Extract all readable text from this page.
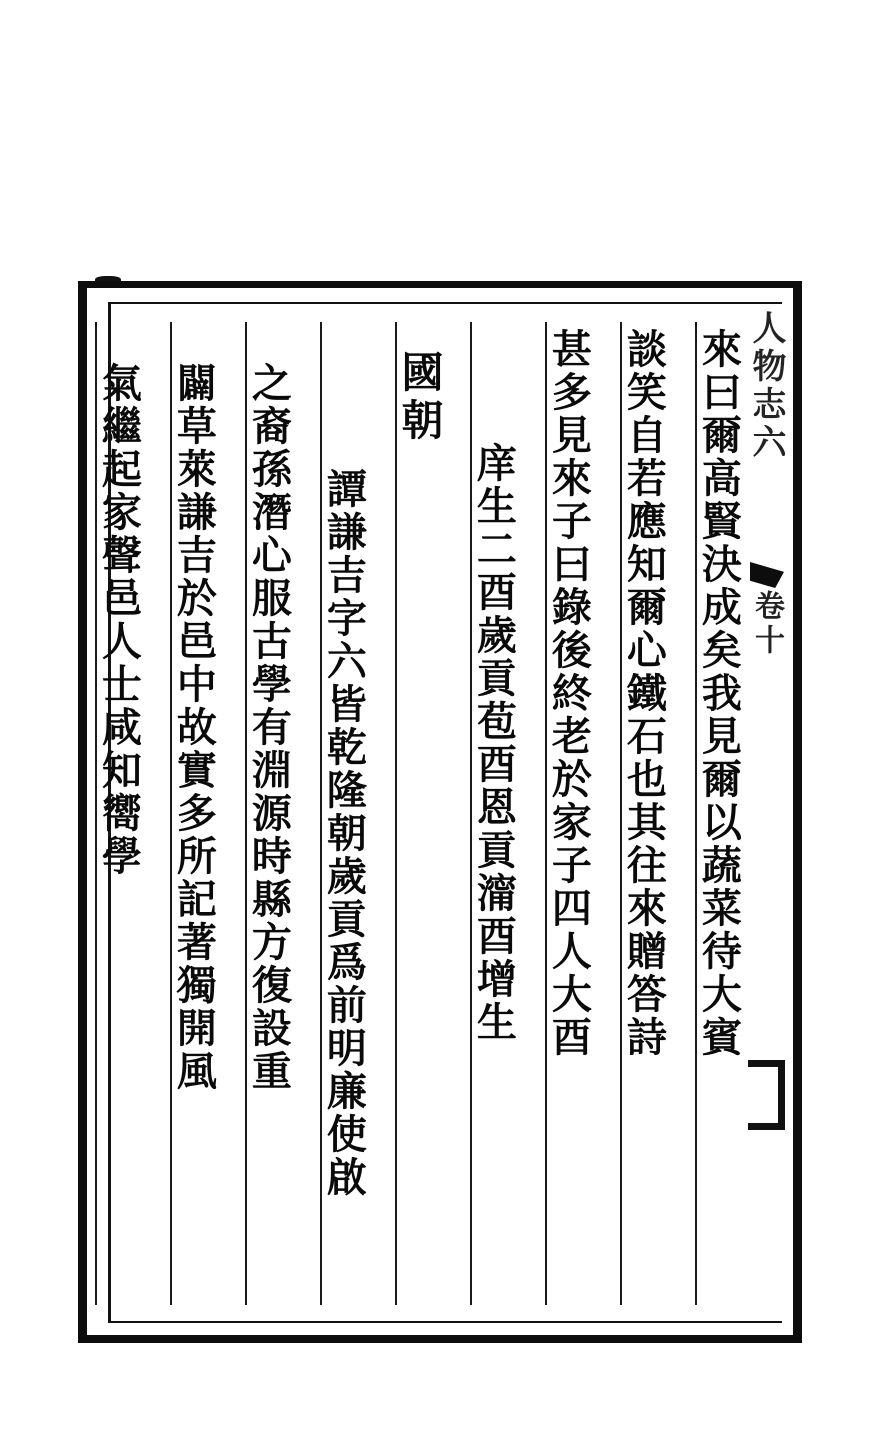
來曰爾高賢決成矣我見爾以蔬菜待大賓
談笑自若應知爾心鐵石也其往來贈答詩
甚多見來子曰錄後終老於家子四人大酉
庠生二酉歲貢苞酉恩貢澝酉增生
國朝
譚謙吉字六皆乾隆朝歲貢爲前明廉使啟
之裔孫潛心服古學有淵源時縣方復設重
闢草萊謙吉於邑中故實多所記著獨開風
氣繼起家聲邑人士咸知嚮學	人物志六
卷十
